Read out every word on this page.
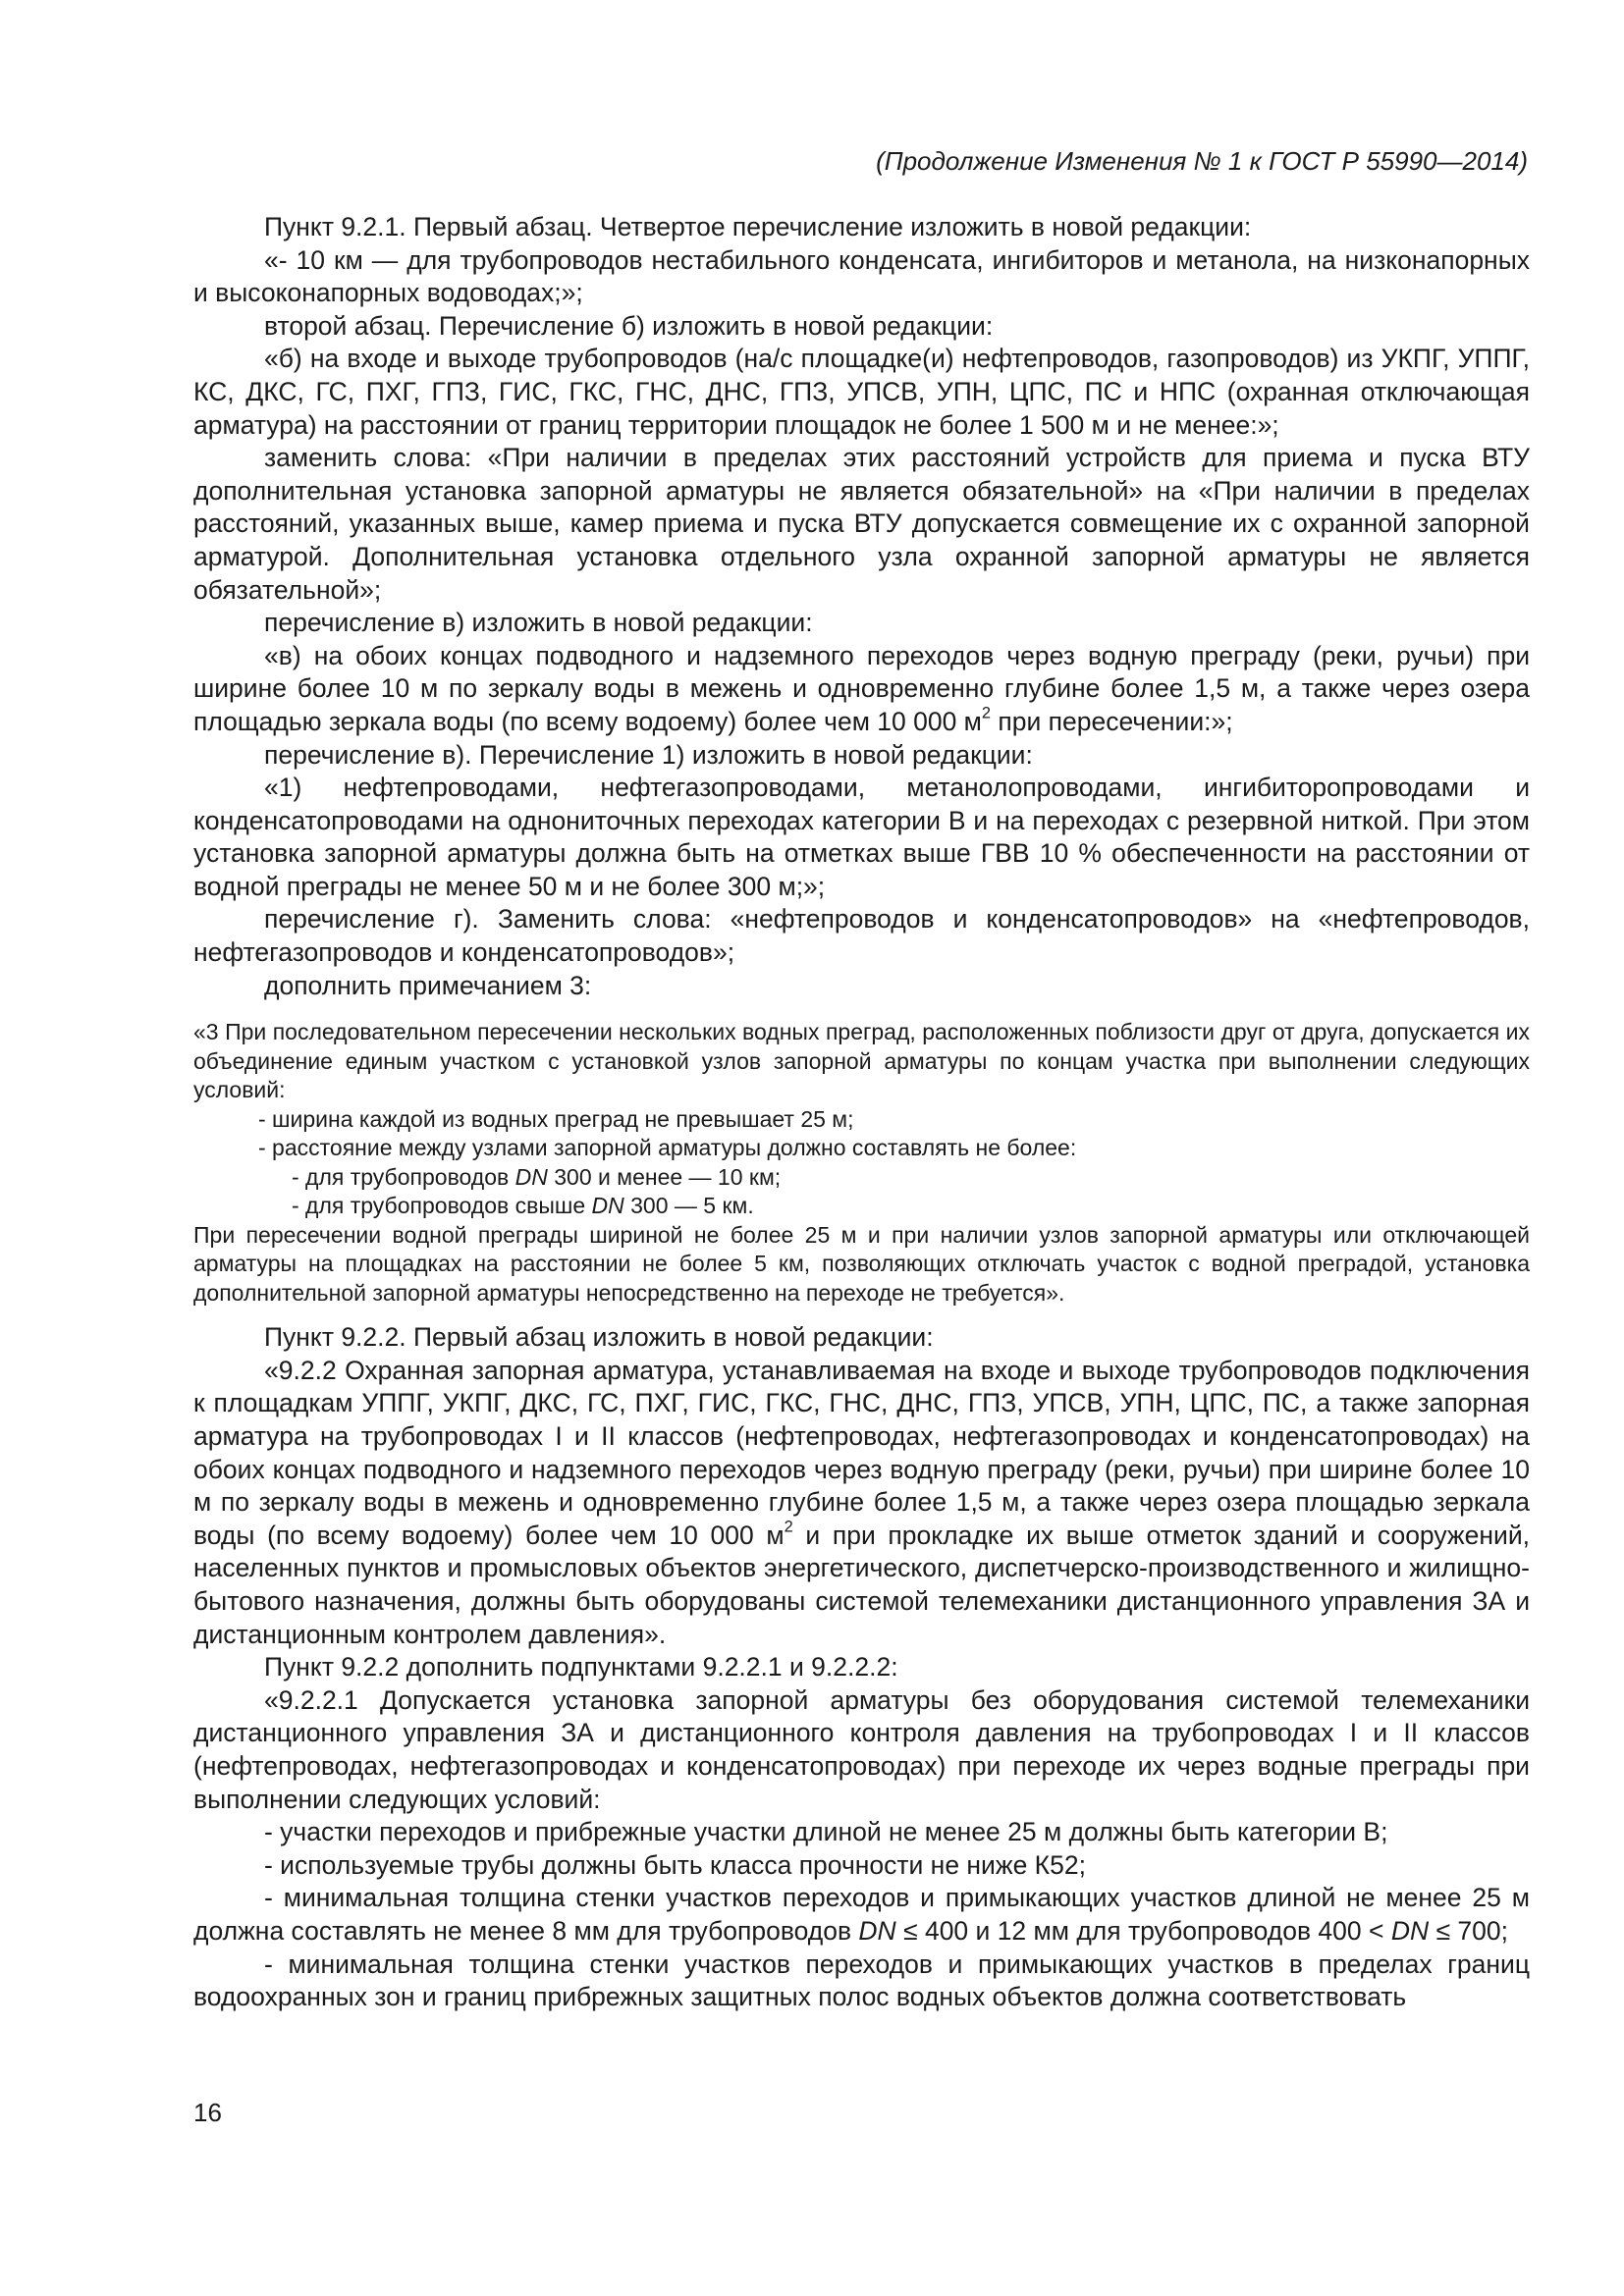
(Продолжение Изменения № 1 к ГОСТ Р 55990—2014)

Пункт 9.2.1. Первый абзац. Четвертое перечисление изложить в новой редакции:

«- 10 км — для трубопроводов нестабильного конденсата, ингибиторов и метанола, на низконапорных и высоконапорных водоводах;»;

второй абзац. Перечисление б) изложить в новой редакции:

«б) на входе и выходе трубопроводов (на/с площадке(и) нефтепроводов, газопроводов) из УКПГ, УППГ, КС, ДКС, ГС, ПХГ, ГПЗ, ГИС, ГКС, ГНС, ДНС, ГПЗ, УПСВ, УПН, ЦПС, ПС и НПС (охранная отключающая арматура) на расстоянии от границ территории площадок не более 1 500 м и не менее:»;

заменить слова: «При наличии в пределах этих расстояний устройств для приема и пуска ВТУ дополнительная установка запорной арматуры не является обязательной» на «При наличии в пределах расстояний, указанных выше, камер приема и пуска ВТУ допускается совмещение их с охранной запорной арматурой. Дополнительная установка отдельного узла охранной запорной арматуры не является обязательной»;

перечисление в) изложить в новой редакции:

«в) на обоих концах подводного и надземного переходов через водную преграду (реки, ручьи) при ширине более 10 м по зеркалу воды в межень и одновременно глубине более 1,5 м, а также через озера площадью зеркала воды (по всему водоему) более чем 10 000 $м^2$ при пересечении:»;

перечисление в). Перечисление 1) изложить в новой редакции:

«1) нефтепроводами, нефтегазопроводами, метанолопроводами, ингибиторопроводами и конденсатопроводами на однониточных переходах категории В и на переходах с резервной ниткой. При этом установка запорной арматуры должна быть на отметках выше ГВВ 10 % обеспеченности на расстоянии от водной преграды не менее 50 м и не более 300 м;»;

перечисление г). Заменить слова: «нефтепроводов и конденсатопроводов» на «нефтепроводов, нефтегазопроводов и конденсатопроводов»;

дополнить примечанием 3:

«3 При последовательном пересечении нескольких водных преград, расположенных поблизости друг от друга, допускается их объединение единым участком с установкой узлов запорной арматуры по концам участка при выполнении следующих условий:

- ширина каждой из водных преград не превышает 25 м;

- расстояние между узлами запорной арматуры должно составлять не более:

- для трубопроводов DN 300 и менее — 10 км;

- для трубопроводов свыше DN 300 — 5 км.

При пересечении водной преграды шириной не более 25 м и при наличии узлов запорной арматуры или отключающей арматуры на площадках на расстоянии не более 5 км, позволяющих отключать участок с водной преградой, установка дополнительной запорной арматуры непосредственно на переходе не требуется».

Пункт 9.2.2. Первый абзац изложить в новой редакции:

«9.2.2 Охранная запорная арматура, устанавливаемая на входе и выходе трубопроводов подключения к площадкам УППГ, УКПГ, ДКС, ГС, ПХГ, ГИС, ГКС, ГНС, ДНС, ГПЗ, УПСВ, УПН, ЦПС, ПС, а также запорная арматура на трубопроводах I и II классов (нефтепроводах, нефтегазопроводах и конденсатопроводах) на обоих концах подводного и надземного переходов через водную преграду (реки, ручьи) при ширине более 10 м по зеркалу воды в межень и одновременно глубине более 1,5 м, а также через озера площадью зеркала воды (по всему водоему) более чем 10 000 $м^2$ и при прокладке их выше отметок зданий и сооружений, населенных пунктов и промысловых объектов энергетического, диспетчерско-производственного и жилищно-бытового назначения, должны быть оборудованы системой телемеханики дистанционного управления ЗА и дистанционным контролем давления».

Пункт 9.2.2 дополнить подпунктами 9.2.2.1 и 9.2.2.2:

«9.2.2.1 Допускается установка запорной арматуры без оборудования системой телемеханики дистанционного управления ЗА и дистанционного контроля давления на трубопроводах I и II классов (нефтепроводах, нефтегазопроводах и конденсатопроводах) при переходе их через водные преграды при выполнении следующих условий:

- участки переходов и прибрежные участки длиной не менее 25 м должны быть категории В;

- используемые трубы должны быть класса прочности не ниже К52;

- минимальная толщина стенки участков переходов и примыкающих участков длиной не менее 25 м должна составлять не менее 8 мм для трубопроводов DN ≤ 400 и 12 мм для трубопроводов 400 < DN ≤ 700;

- минимальная толщина стенки участков переходов и примыкающих участков в пределах границ водоохранных зон и границ прибрежных защитных полос водных объектов должна соответствовать

16
